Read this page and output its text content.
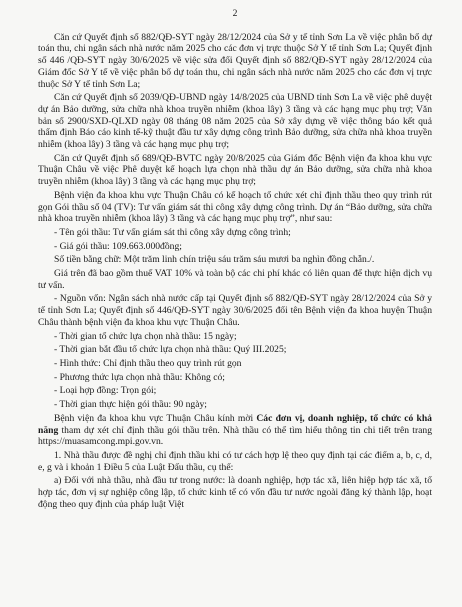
2

Căn cứ Quyết định số 882/QĐ-SYT ngày 28/12/2024 của Sở y tế tỉnh Sơn La về việc phân bổ dự toán thu, chi ngân sách nhà nước năm 2025 cho các đơn vị trực thuộc Sở Y tế tỉnh Sơn La; Quyết định số 446 /QĐ-SYT ngày 30/6/2025 về việc sửa đổi Quyết định số 882/QĐ-SYT ngày 28/12/2024 của Giám đốc Sở Y tế về việc phân bổ dự toán thu, chi ngân sách nhà nước năm 2025 cho các đơn vị trực thuộc Sở Y tế tỉnh Sơn La;

Căn cứ Quyết định số 2039/QĐ-UBND ngày 14/8/2025 của UBND tỉnh Sơn La về việc phê duyệt dự án Bảo dưỡng, sửa chữa nhà khoa truyền nhiễm (khoa lây) 3 tầng và các hạng mục phụ trợ; Văn bản số 2900/SXD-QLXD ngày 08 tháng 08 năm 2025 của Sở xây dựng về việc thông báo kết quả thẩm định Báo cáo kinh tế-kỹ thuật đầu tư xây dựng công trình Bảo dưỡng, sửa chữa nhà khoa truyền nhiễm (khoa lây) 3 tầng và các hạng mục phụ trợ;

Căn cứ Quyết định số 689/QĐ-BVTC ngày 20/8/2025 của Giám đốc Bệnh viện đa khoa khu vực Thuận Châu về việc Phê duyệt kế hoạch lựa chọn nhà thầu dự án Bảo dưỡng, sửa chữa nhà khoa truyền nhiễm (khoa lây) 3 tầng và các hạng mục phụ trợ;

Bệnh viện đa khoa khu vực Thuận Châu có kế hoạch tổ chức xét chỉ định thầu theo quy trình rút gọn Gói thầu số 04 (TV): Tư vấn giám sát thi công xây dựng công trình. Dự án “Bảo dưỡng, sửa chữa nhà khoa truyền nhiễm (khoa lây) 3 tầng và các hạng mục phụ trợ”, như sau:

- Tên gói thầu: Tư vấn giám sát thi công xây dựng công trình;

- Giá gói thầu: 109.663.000đồng;

Số tiền bằng chữ: Một trăm linh chín triệu sáu trăm sáu mươi ba nghìn đồng chẵn./.

Giá trên đã bao gồm thuế VAT 10% và toàn bộ các chi phí khác có liên quan để thực hiện dịch vụ tư vấn.

- Nguồn vốn: Ngân sách nhà nước cấp tại Quyết định số 882/QĐ-SYT ngày 28/12/2024 của Sở y tế tỉnh Sơn La; Quyết định số 446/QĐ-SYT ngày 30/6/2025 đổi tên Bệnh viện đa khoa huyện Thuận Châu thành bệnh viện đa khoa khu vực Thuận Châu.

- Thời gian tổ chức lựa chọn nhà thầu: 15 ngày;

- Thời gian bắt đầu tổ chức lựa chọn nhà thầu: Quý III.2025;

- Hình thức: Chỉ định thầu theo quy trình rút gọn

- Phương thức lựa chọn nhà thầu: Không có;

- Loại hợp đồng: Trọn gói;

- Thời gian thực hiện gói thầu: 90 ngày;

Bệnh viện đa khoa khu vực Thuận Châu kính mời Các đơn vị, doanh nghiệp, tổ chức có khả năng tham dự xét chỉ định thầu gói thầu trên. Nhà thầu có thể tìm hiểu thông tin chi tiết trên trang https://muasamcong.mpi.gov.vn.

1. Nhà thầu được đề nghị chỉ định thầu khi có tư cách hợp lệ theo quy định tại các điểm a, b, c, d, e, g và i khoản 1 Điều 5 của Luật Đấu thầu, cụ thể:

a) Đối với nhà thầu, nhà đầu tư trong nước: là doanh nghiệp, hợp tác xã, liên hiệp hợp tác xã, tổ hợp tác, đơn vị sự nghiệp công lập, tổ chức kinh tế có vốn đầu tư nước ngoài đăng ký thành lập, hoạt động theo quy định của pháp luật Việt
